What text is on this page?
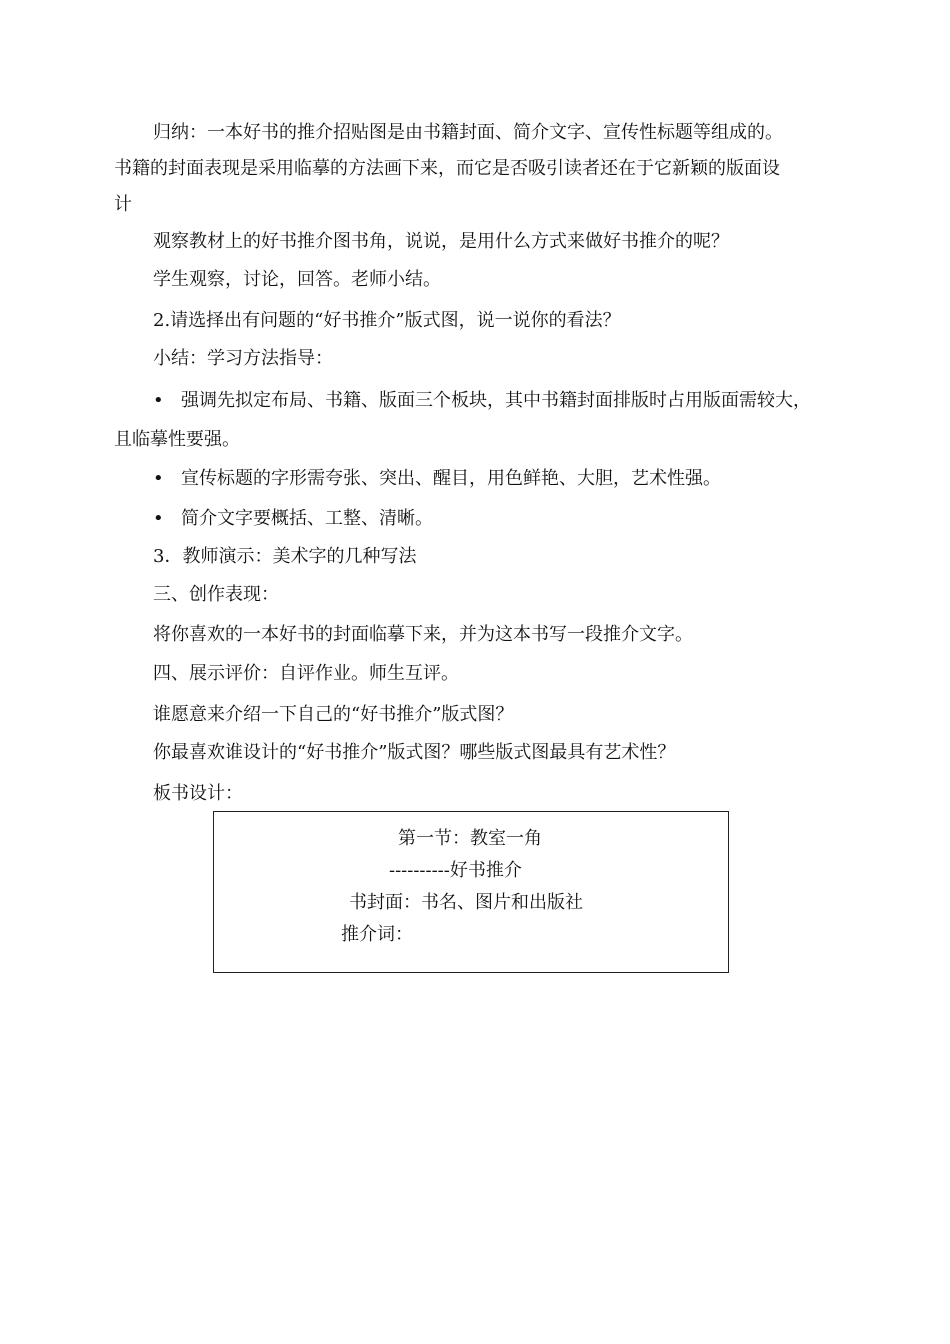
归纳：一本好书的推介招贴图是由书籍封面、简介文字、宣传性标题等组成的。
书籍的封面表现是采用临摹的方法画下来，而它是否吸引读者还在于它新颖的版面设
计
观察教材上的好书推介图书角，说说，是用什么方式来做好书推介的呢？
学生观察，讨论，回答。老师小结。
2.请选择出有问题的“好书推介”版式图，说一说你的看法？
小结：学习方法指导：
• 强调先拟定布局、书籍、版面三个板块，其中书籍封面排版时占用版面需较大，
且临摹性要强。
• 宣传标题的字形需夸张、突出、醒目，用色鲜艳、大胆，艺术性强。
• 简介文字要概括、工整、清晰。
3．教师演示：美术字的几种写法
三、创作表现：
将你喜欢的一本好书的封面临摹下来，并为这本书写一段推介文字。
四、展示评价：自评作业。师生互评。
谁愿意来介绍一下自己的“好书推介”版式图？
你最喜欢谁设计的“好书推介”版式图？哪些版式图最具有艺术性？
板书设计：
第一节：教室一角
----------好书推介
书封面：书名、图片和出版社
推介词：
